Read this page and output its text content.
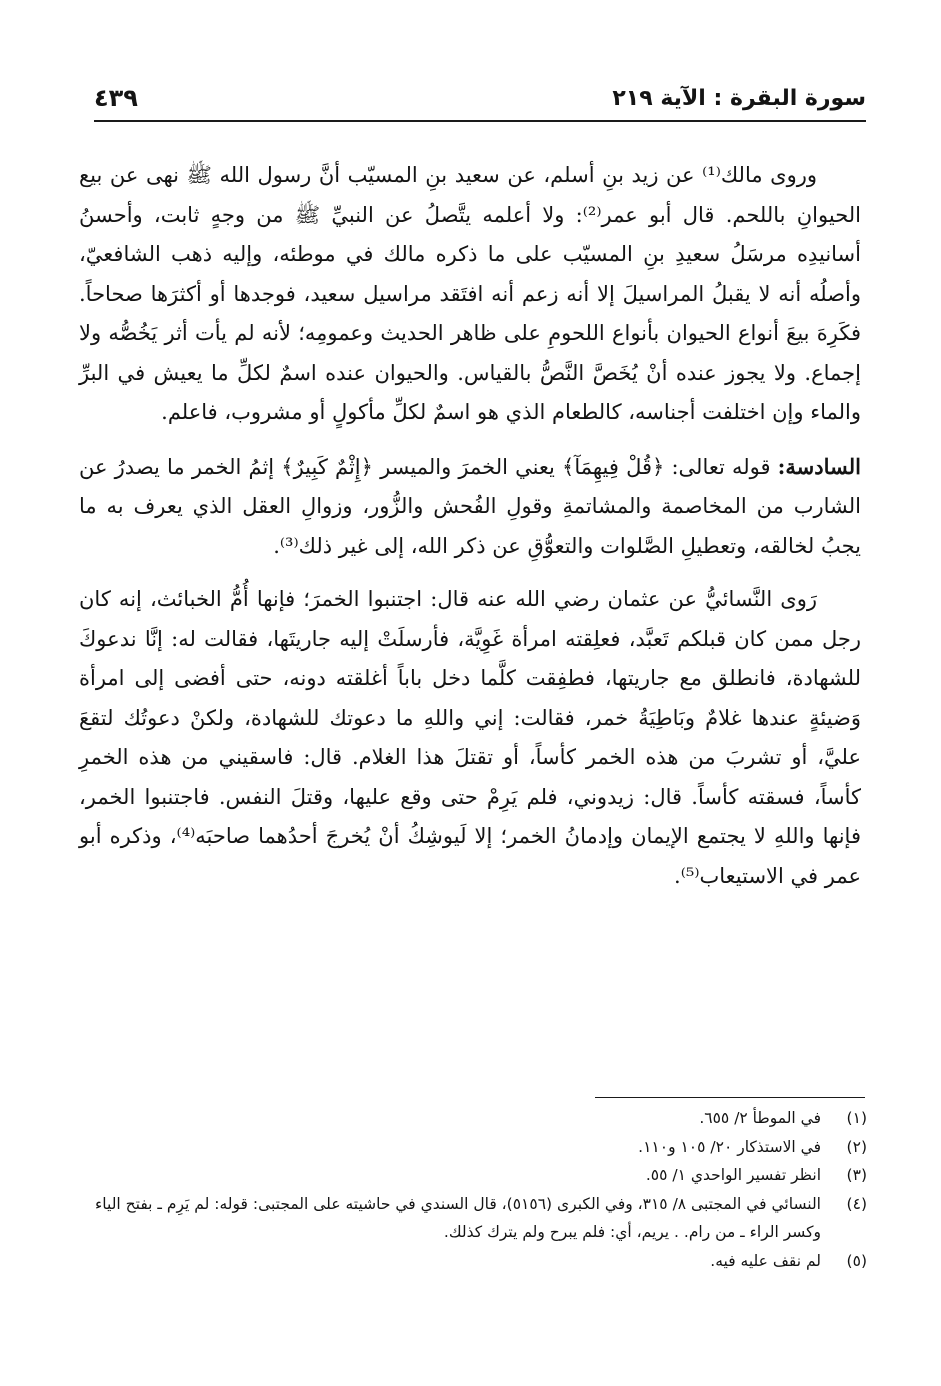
سورة البقرة : الآية ٢١٩
٤٣٩

وروى مالك⁽¹⁾ عن زيد بنِ أسلم، عن سعيد بنِ المسيّب أنَّ رسول الله ﷺ نهى عن بيع الحيوانِ باللحم. قال أبو عمر⁽²⁾: ولا أعلمه يتَّصلُ عن النبيِّ ﷺ من وجهٍ ثابت، وأحسنُ أسانيدِه مرسَلُ سعيدِ بنِ المسيّب على ما ذكره مالك في موطئه، وإليه ذهب الشافعيّ، وأصلُه أنه لا يقبلُ المراسيلَ إلا أنه زعم أنه افتَقد مراسيل سعيد، فوجدها أو أكثرَها صحاحاً. فكَرِهَ بيعَ أنواع الحيوان بأنواع اللحومِ على ظاهر الحديث وعمومِه؛ لأنه لم يأت أثر يَخُصُّه ولا إجماع. ولا يجوز عنده أنْ يُخَصَّ النَّصُّ بالقياس. والحيوان عنده اسمٌ لكلِّ ما يعيش في البرِّ والماء وإن اختلفت أجناسه، كالطعام الذي هو اسمٌ لكلِّ مأكولٍ أو مشروب، فاعلم.

السادسة: قوله تعالى: ﴿قُلْ فِيهِمَآ﴾ يعني الخمرَ والميسر ﴿إِثْمٌ كَبِيرٌ﴾ إثمُ الخمر ما يصدرُ عن الشارب من المخاصمة والمشاتمةِ وقولِ الفُحش والزُّور، وزوالِ العقل الذي يعرف به ما يجبُ لخالقه، وتعطيلِ الصَّلوات والتعوُّقِ عن ذكر الله، إلى غير ذلك⁽³⁾.

رَوى النَّسائيُّ عن عثمان رضي الله عنه قال: اجتنبوا الخمرَ؛ فإنها أُمُّ الخبائث، إنه كان رجل ممن كان قبلكم تَعبَّد، فعلِقته امرأة غَوِيَّة، فأرسلَتْ إليه جاريتَها، فقالت له: إنَّا ندعوكَ للشهادة، فانطلق مع جاريتها، فطفِقت كلَّما دخل باباً أغلقته دونه، حتى أفضى إلى امرأة وَضيئةٍ عندها غلامٌ وبَاطِيَةُ خمر، فقالت: إني واللهِ ما دعوتك للشهادة، ولكنْ دعوتُك لتقعَ عليَّ، أو تشربَ من هذه الخمر كأساً، أو تقتلَ هذا الغلام. قال: فاسقيني من هذه الخمرِ كأساً، فسقته كأساً. قال: زيدوني، فلم يَرِمْ حتى وقع عليها، وقتلَ النفس. فاجتنبوا الخمر، فإنها واللهِ لا يجتمع الإيمان وإدمانُ الخمر؛ إلا لَيوشِكُ أنْ يُخرجَ أحدُهما صاحبَه⁽⁴⁾، وذكره أبو عمر في الاستيعاب⁽⁵⁾.

(١)
في الموطأ ٢/ ٦٥٥.

(٢)
في الاستذكار ٢٠/ ١٠٥ و١١٠.

(٣)
انظر تفسير الواحدي ١/ ٥٥.

(٤)
النسائي في المجتبى ٨/ ٣١٥، وفي الكبرى (٥١٥٦)، قال السندي في حاشيته على المجتبى: قوله: لم يَرِم ـ بفتح الياء وكسر الراء ـ من رام. . يريم، أي: فلم يبرح ولم يترك كذلك.

(٥)
لم نقف عليه فيه.
